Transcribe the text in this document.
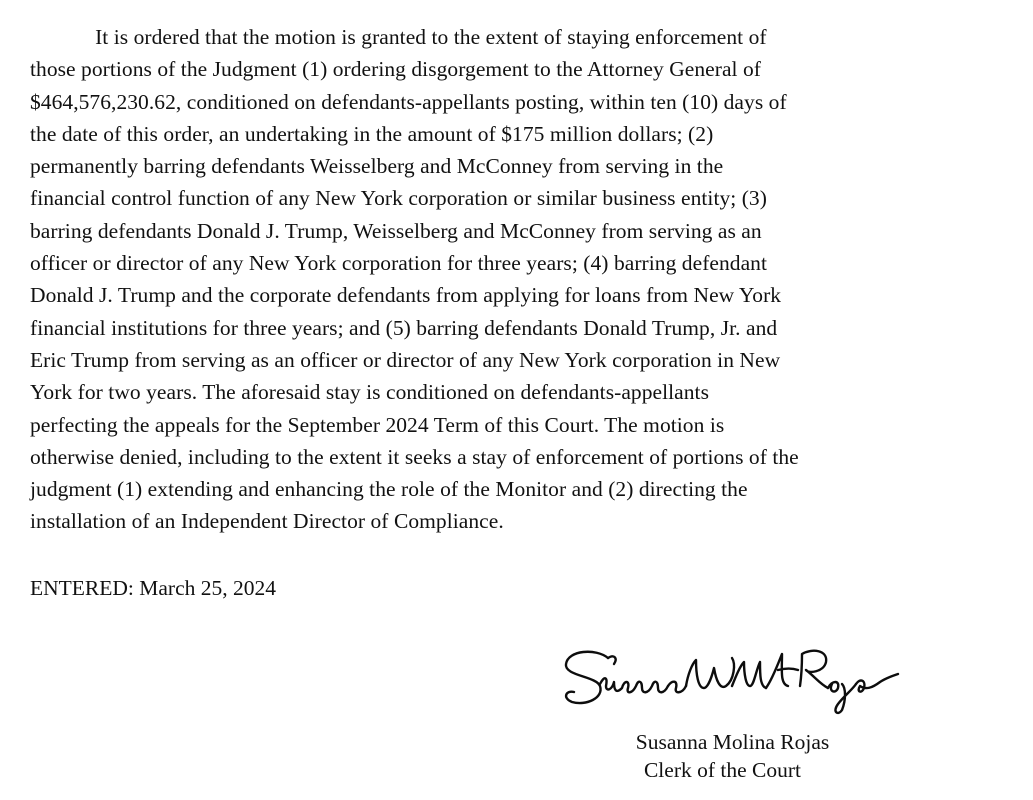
It is ordered that the motion is granted to the extent of staying enforcement of
those portions of the Judgment (1) ordering disgorgement to the Attorney General of
$464,576,230.62, conditioned on defendants-appellants posting, within ten (10) days of
the date of this order, an undertaking in the amount of $175 million dollars; (2)
permanently barring defendants Weisselberg and McConney from serving in the
financial control function of any New York corporation or similar business entity; (3)
barring defendants Donald J. Trump, Weisselberg and McConney from serving as an
officer or director of any New York corporation for three years; (4) barring defendant
Donald J. Trump and the corporate defendants from applying for loans from New York
financial institutions for three years; and (5) barring defendants Donald Trump, Jr. and
Eric Trump from serving as an officer or director of any New York corporation in New
York for two years. The aforesaid stay is conditioned on defendants-appellants
perfecting the appeals for the September 2024 Term of this Court. The motion is
otherwise denied, including to the extent it seeks a stay of enforcement of portions of the
judgment (1) extending and enhancing the role of the Monitor and (2) directing the
installation of an Independent Director of Compliance.

ENTERED: March 25, 2024

Susanna Molina Rojas

Clerk of the Court
